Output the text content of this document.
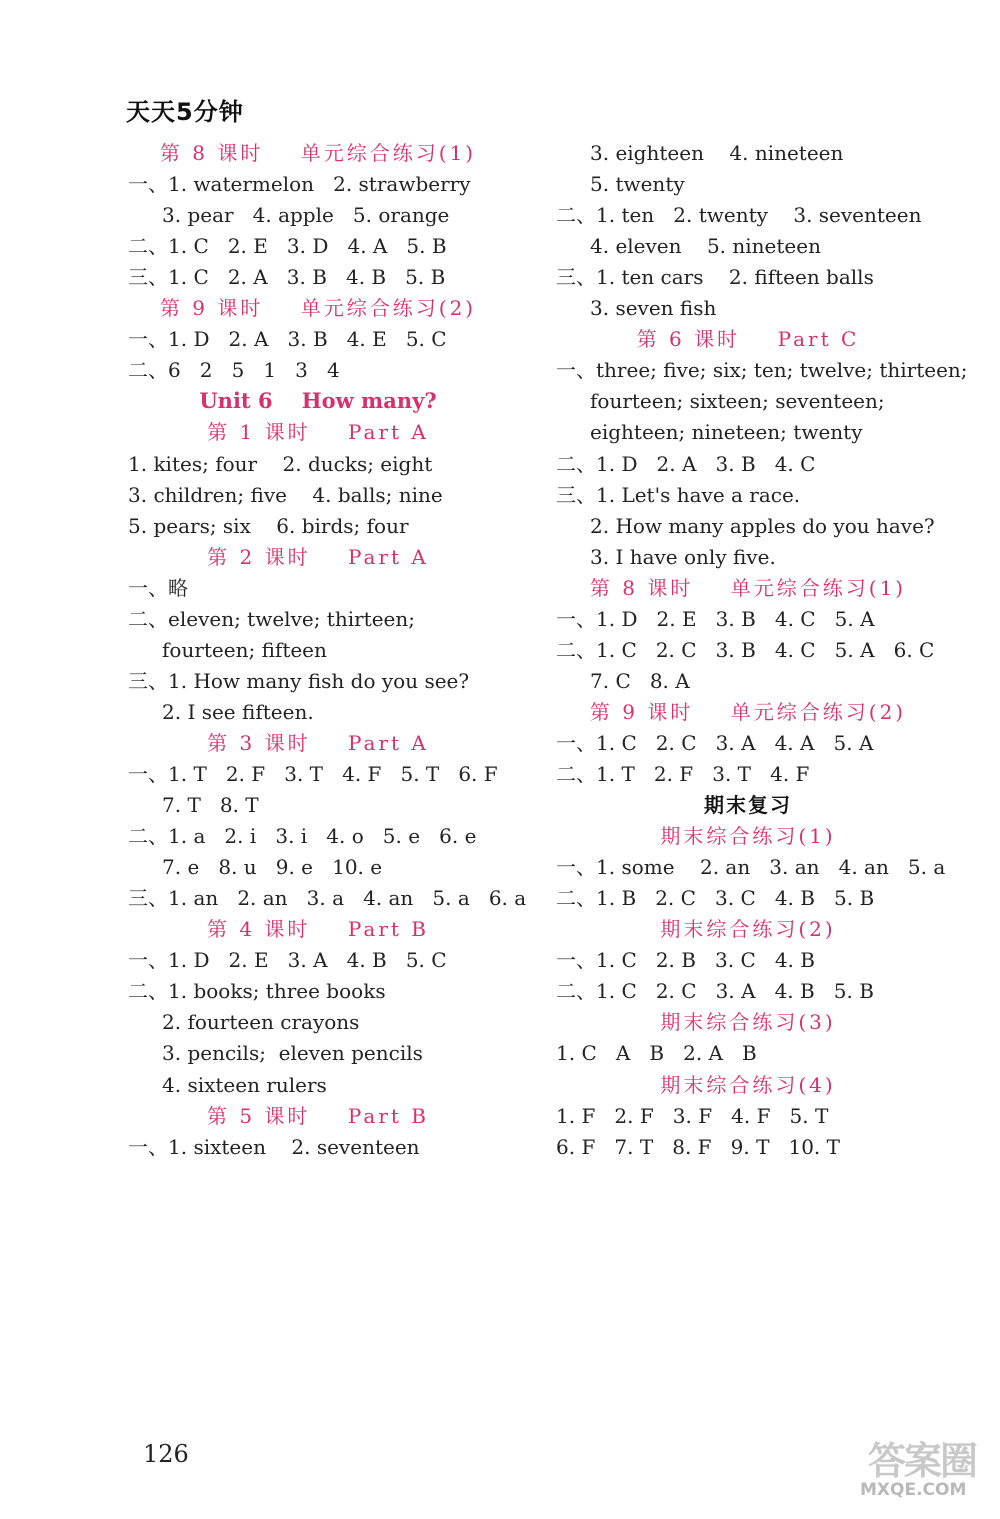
天天5分钟
第 8 课时    单元综合练习(1)
一、1. watermelon   2. strawberry
3. pear   4. apple   5. orange
二、1. C   2. E   3. D   4. A   5. B
三、1. C   2. A   3. B   4. B   5. B
第 9 课时    单元综合练习(2)
一、1. D   2. A   3. B   4. E   5. C
二、6   2   5   1   3   4
Unit 6    How many?
第 1 课时    Part A
1. kites; four    2. ducks; eight
3. children; five    4. balls; nine
5. pears; six    6. birds; four
第 2 课时    Part A
一、略
二、eleven; twelve; thirteen;
fourteen; fifteen
三、1. How many fish do you see?
2. I see fifteen.
第 3 课时    Part A
一、1. T   2. F   3. T   4. F   5. T   6. F
7. T   8. T
二、1. a   2. i   3. i   4. o   5. e   6. e
7. e   8. u   9. e   10. e
三、1. an   2. an   3. a   4. an   5. a   6. a
第 4 课时    Part B
一、1. D   2. E   3. A   4. B   5. C
二、1. books; three books
2. fourteen crayons
3. pencils;  eleven pencils
4. sixteen rulers
第 5 课时    Part B
一、1. sixteen    2. seventeen
3. eighteen    4. nineteen
5. twenty
二、1. ten   2. twenty    3. seventeen
4. eleven    5. nineteen
三、1. ten cars    2. fifteen balls
3. seven fish
第 6 课时    Part C
一、three; five; six; ten; twelve; thirteen;
fourteen; sixteen; seventeen;
eighteen; nineteen; twenty
二、1. D   2. A   3. B   4. C
三、1. Let's have a race.
2. How many apples do you have?
3. I have only five.
第 8 课时    单元综合练习(1)
一、1. D   2. E   3. B   4. C   5. A
二、1. C   2. C   3. B   4. C   5. A   6. C
7. C   8. A
第 9 课时    单元综合练习(2)
一、1. C   2. C   3. A   4. A   5. A
二、1. T   2. F   3. T   4. F
期末复习
期末综合练习(1)
一、1. some    2. an   3. an   4. an   5. a
二、1. B   2. C   3. C   4. B   5. B
期末综合练习(2)
一、1. C   2. B   3. C   4. B
二、1. C   2. C   3. A   4. B   5. B
期末综合练习(3)
1. C   A   B   2. A   B
期末综合练习(4)
1. F   2. F   3. F   4. F   5. T
6. F   7. T   8. F   9. T   10. T
126	答案圈
MXQE.COM
